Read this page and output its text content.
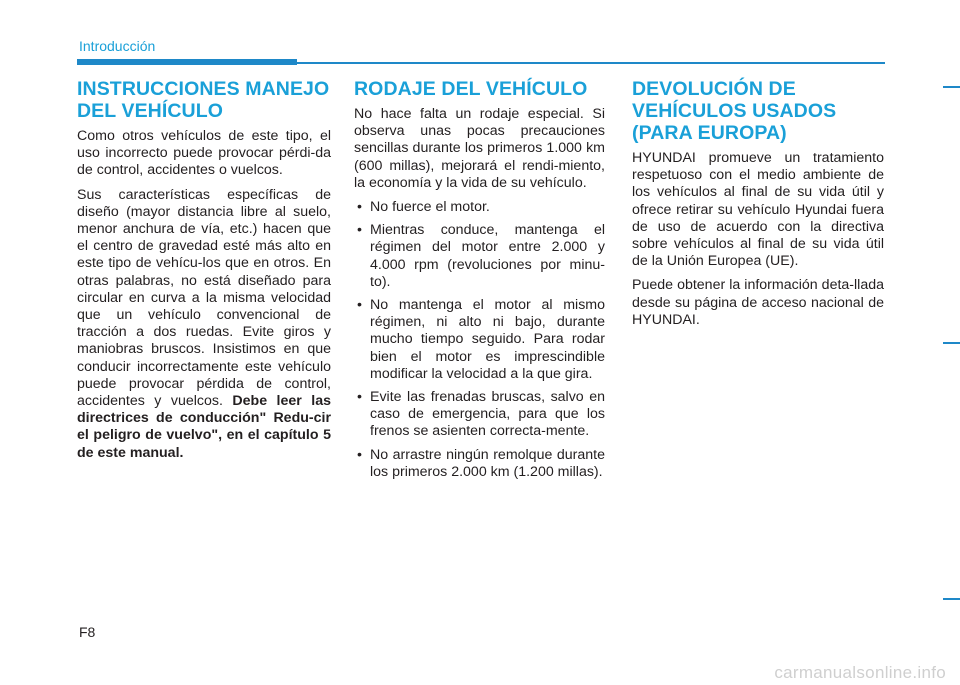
Introducción
INSTRUCCIONES MANEJO DEL VEHÍCULO

Como otros vehículos de este tipo, el uso incorrecto puede provocar pérdi-da de control, accidentes o vuelcos.

Sus características específicas de diseño (mayor distancia libre al suelo, menor anchura de vía, etc.) hacen que el centro de gravedad esté más alto en este tipo de vehícu-los que en otros. En otras palabras, no está diseñado para circular en curva a la misma velocidad que un vehículo convencional de tracción a dos ruedas. Evite giros y maniobras bruscos. Insistimos en que conducir incorrectamente este vehículo puede provocar pérdida de control, accidentes y vuelcos. Debe leer las directrices de conducción" Redu-cir el peligro de vuelvo", en el capítulo 5 de este manual.

RODAJE DEL VEHÍCULO

No hace falta un rodaje especial. Si observa unas pocas precauciones sencillas durante los primeros 1.000 km (600 millas), mejorará el rendi-miento, la economía y la vida de su vehículo.

• No fuerce el motor.
• Mientras conduce, mantenga el régimen del motor entre 2.000 y 4.000 rpm (revoluciones por minu-to).
• No mantenga el motor al mismo régimen, ni alto ni bajo, durante mucho tiempo seguido. Para rodar bien el motor es imprescindible modificar la velocidad a la que gira.
• Evite las frenadas bruscas, salvo en caso de emergencia, para que los frenos se asienten correcta-mente.
• No arrastre ningún remolque durante los primeros 2.000 km (1.200 millas).
DEVOLUCIÓN DE VEHÍCULOS USADOS (PARA EUROPA)

HYUNDAI promueve un tratamiento respetuoso con el medio ambiente de los vehículos al final de su vida útil y ofrece retirar su vehículo Hyundai fuera de uso de acuerdo con la directiva sobre vehículos al final de su vida útil de la Unión Europea (UE).

Puede obtener la información deta-llada desde su página de acceso nacional de HYUNDAI.

F8
carmanualsonline.info
